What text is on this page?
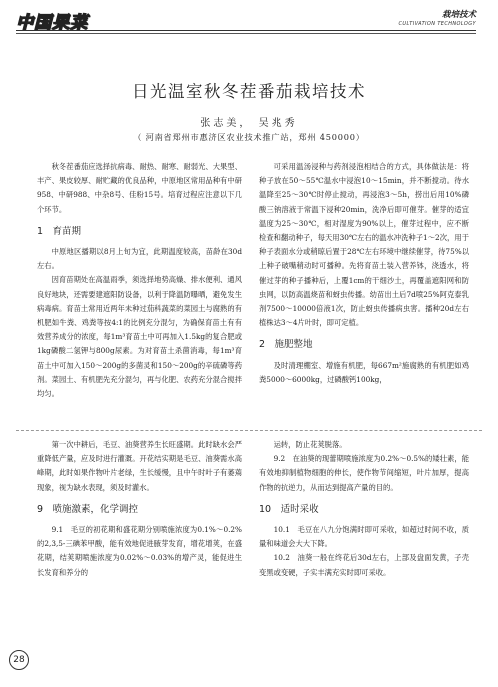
中国果菜	栽培技术
CULTIVATION TECHNOLOGY
日光温室秋冬茬番茄栽培技术
张志美， 吴兆秀
（ 河南省郑州市惠济区农业技术推广站，郑州 450000）

秋冬茬番茄应选择抗病毒、耐热、耐寒、耐弱光、大果型、丰产、果皮较厚、耐贮藏的优良品种，中原地区常用品种有中研958、中研988、中杂8号、佳粉15号。培育过程应注意以下几个环节。

1　育苗期

中原地区播期以8月上旬为宜，此期温度较高，苗龄在30d左右。

因育苗期处在高温雨季，须选择地势高燥、排水便利、通风良好地块，还需要建遮阳防设备，以利于降温防曝晒，避免发生病毒病。育苗土常用近两年未种过茄科蔬菜的菜园土与腐熟的有机肥如牛粪、鸡粪等按4:1的比例充分混匀，为确保育苗土有有效营养成分的浓度，每1m³育苗土中可再加入1.5kg的复合肥或1kg磷酸二氢钾与800g尿素。为对育苗土杀菌消毒，每1m³育苗土中可加入150～200g的多菌灵和150～200g的辛硫磷等药剂。菜园土、有机肥先充分混匀，再与化肥、农药充分混合搅拌均匀。

可采用温汤浸种与药剂浸泡相结合的方式，具体做法是：将种子放在50～55℃温水中浸泡10～15min，并不断搅动。待水温降至25～30℃时停止搅动，再浸泡3～5h，捞出后用10%磷酸三钠溶液于常温下浸种20min，洗净后即可催芽。催芽的适宜温度为25～30℃，相对湿度为90%以上，催芽过程中，应不断检查和翻动种子，每天用30℃左右的温水冲洗种子1～2次，用于种子表面水分或稍晾后置于28℃左右环境中继续催芽，待75%以上种子破嘴稍动时可播种。先将育苗土装入营养钵，浇透水，将催过芽的种子播种后，上覆1cm的干细沙土，再覆盖遮阳网和防虫网，以防高温烧苗和蚜虫传播。幼苗出土后7d喷25%阿克泰乳剂7500～10000倍液1次，防止蚜虫传播病虫害。播种20d左右植株达3～4片叶时，即可定植。

2　施肥整地

及时清理棚室、增施有机肥，每667m²施腐熟的有机肥如鸡粪5000～6000kg，过磷酸钙100kg，

第一次中耕后，毛豆、油葵营养生长旺盛期。此时缺水会严重降低产量，应及时进行灌溉。开花结实期是毛豆、油葵需水高峰期，此时如果作物叶片老绿，生长缓慢，且中午时叶子有萎蔫现象，视为缺水表现，须及时灌水。

9　喷施激素，化学调控

9.1　毛豆的初花期和盛花期分别喷施浓度为0.1%～0.2%的2,3,5-三碘苯甲酸，能有效地促进腋芽发育，增花增荚，在盛花期，结荚期喷施浓度为0.02%～0.03%的增产灵，能促进生长发育和养分的

运转，防止花荚脱落。

9.2　在油葵的现蕾期喷施浓度为0.2%～0.5%的矮壮素，能有效地抑制植物细胞的伸长，使作物节间缩短，叶片加厚，提高作物的抗逆力，从而达到提高产量的目的。

10　适时采收

10.1　毛豆在八九分饱满时即可采收，如超过时间不收，质量和味道会大大下降。

10.2　油葵一般在终花后30d左右，上部及盘面发黄，子壳变黑或变硬，子实丰满充实时即可采收。

28
